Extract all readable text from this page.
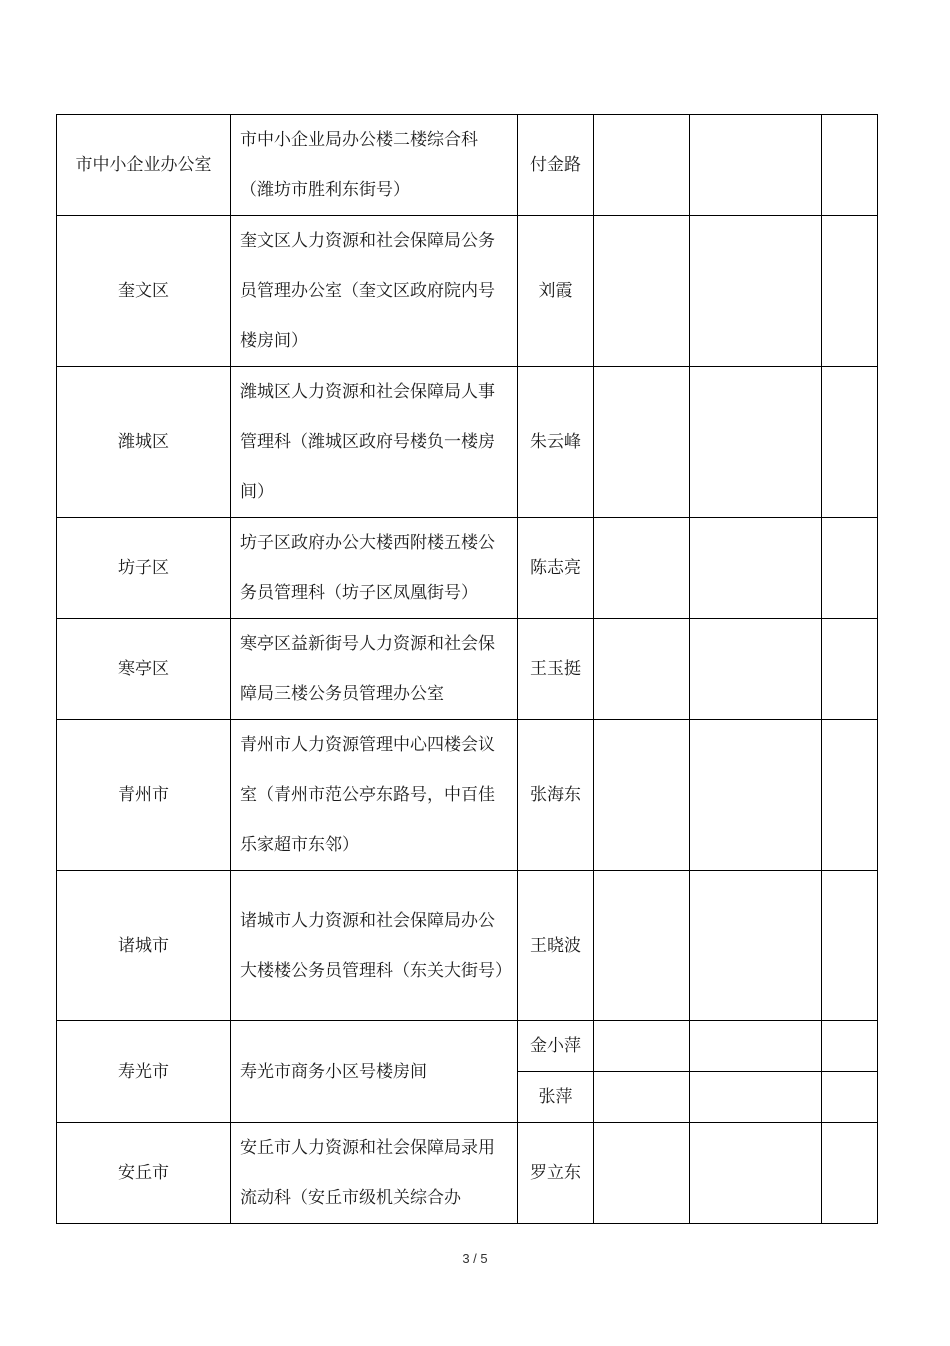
市中小企业办公室	市中小企业局办公楼二楼综合科（潍坊市胜利东街号）	付金路			
奎文区	奎文区人力资源和社会保障局公务员管理办公室（奎文区政府院内号楼房间）	刘霞			
潍城区	潍城区人力资源和社会保障局人事管理科（潍城区政府号楼负一楼房间）	朱云峰			
坊子区	坊子区政府办公大楼西附楼五楼公务员管理科（坊子区凤凰街号）	陈志亮			
寒亭区	寒亭区益新街号人力资源和社会保障局三楼公务员管理办公室	王玉挺			
青州市	青州市人力资源管理中心四楼会议室（青州市范公亭东路号，中百佳乐家超市东邻）	张海东			
诸城市	诸城市人力资源和社会保障局办公大楼楼公务员管理科（东关大街号）	王晓波			
寿光市	寿光市商务小区号楼房间	金小萍			
		张萍			
安丘市	安丘市人力资源和社会保障局录用流动科（安丘市级机关综合办	罗立东			
3 / 5
